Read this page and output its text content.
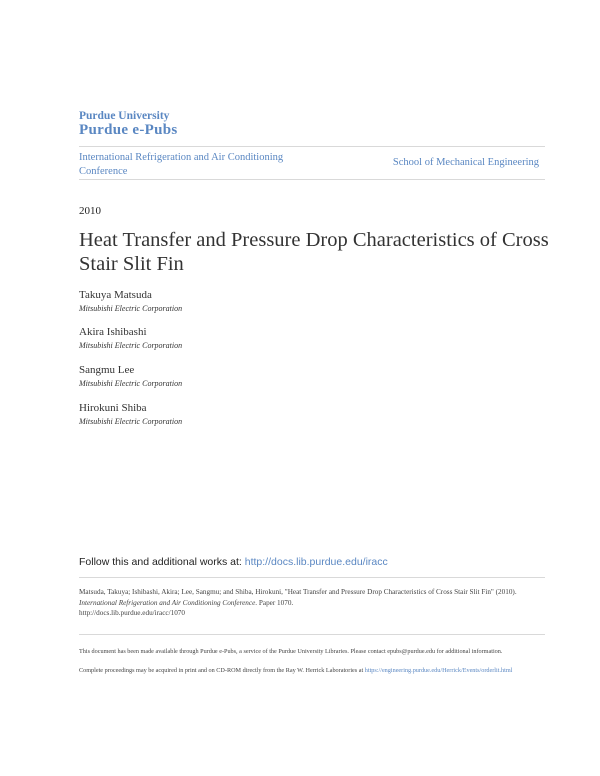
Purdue University
Purdue e-Pubs
International Refrigeration and Air Conditioning Conference
School of Mechanical Engineering
2010
Heat Transfer and Pressure Drop Characteristics of Cross Stair Slit Fin
Takuya Matsuda
Mitsubishi Electric Corporation
Akira Ishibashi
Mitsubishi Electric Corporation
Sangmu Lee
Mitsubishi Electric Corporation
Hirokuni Shiba
Mitsubishi Electric Corporation
Follow this and additional works at: http://docs.lib.purdue.edu/iracc
Matsuda, Takuya; Ishibashi, Akira; Lee, Sangmu; and Shiba, Hirokuni, "Heat Transfer and Pressure Drop Characteristics of Cross Stair Slit Fin" (2010). International Refrigeration and Air Conditioning Conference. Paper 1070.
http://docs.lib.purdue.edu/iracc/1070
This document has been made available through Purdue e-Pubs, a service of the Purdue University Libraries. Please contact epubs@purdue.edu for additional information.
Complete proceedings may be acquired in print and on CD-ROM directly from the Ray W. Herrick Laboratories at https://engineering.purdue.edu/Herrick/Events/orderlit.html
